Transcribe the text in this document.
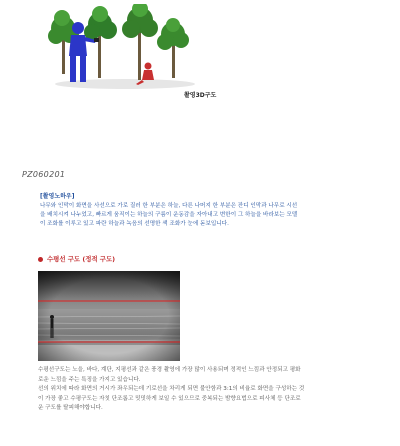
촬영3D구도
PZ060201
[촬영노하우]
나무와 인막이 화면을 사선으로 가로 질러 한 부분은 하늘, 다른 나머지 한 부분은 잔디 인막과 나무로 시선
을 배치시켜 나누었고, 빠르게 움직이는 하늘의 구름이 운동감을 자아내고 변한이 그 하늘을 바라보는 모델
이 조화를 이루고 있고 파란 하늘과 녹음의 선명한 색 조화가 눈에 돋보입니다.
수평선 구도 (정적 구도)
수평선구도는 노을, 바다, 계단, 지평선과 같은 풍경 촬영에 가장 많이 사용되며 정적인 느낌과 안정되고 평화
로운 느낌을 주는 특징을 가지고 있습니다.
선의 위치에 따라 화면의 거시가 좌우되는데 기로선을 차리게 되면 불안함과 3:1의 비율로 화면을 구성하는 것
이 가장 좋고 수평구도는 자칫 단조롭고 밋밋하게 보일 수 있으므로 중복되는 밤향요법으로 피사체 등 단조로
운 구도를 탈피해야합니다.
